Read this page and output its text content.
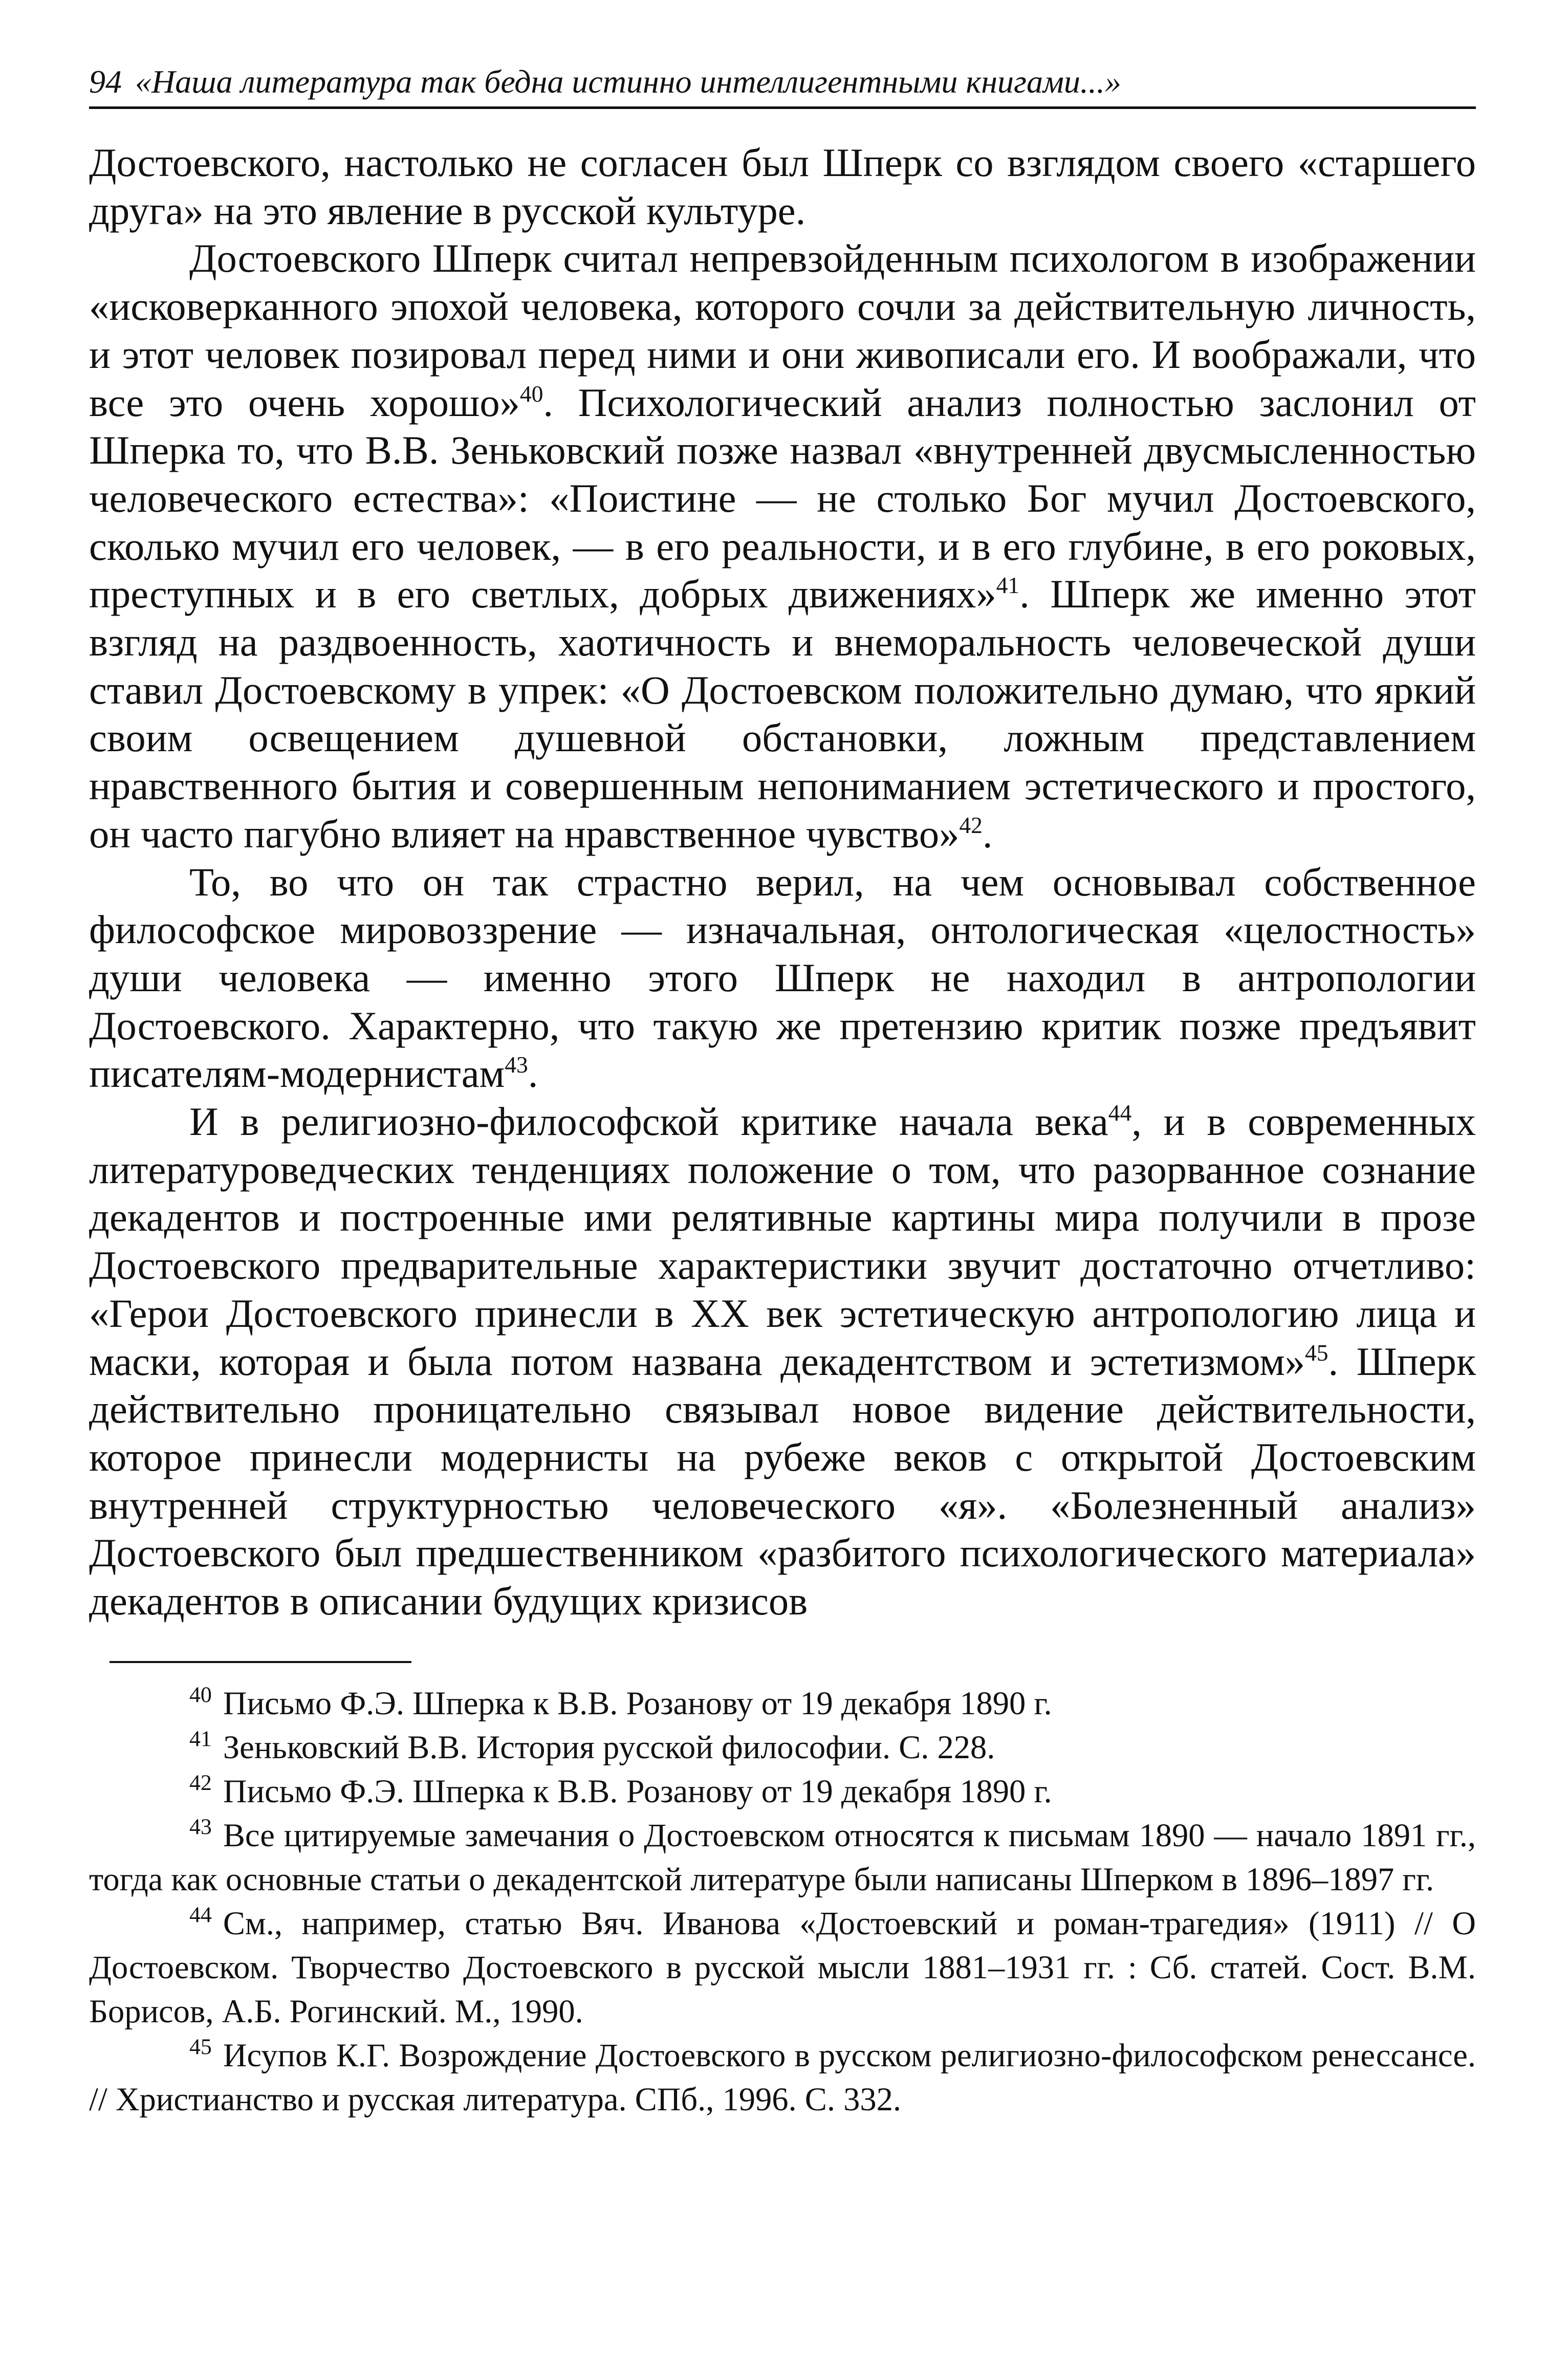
94 «Наша литература так бедна истинно интеллигентными книгами...»

Достоевского, настолько не согласен был Шперк со взглядом своего «старшего друга» на это явление в русской культуре.

Достоевского Шперк считал непревзойденным психологом в изображении «исковерканного эпохой человека, которого сочли за действительную личность, и этот человек позировал перед ними и они живописали его. И воображали, что все это очень хорошо»$^{40}$. Психологический анализ полностью заслонил от Шперка то, что В.В. Зеньковский позже назвал «внутренней двусмысленностью человеческого естества»: «Поистине — не столько Бог мучил Достоевского, сколько мучил его человек, — в его реальности, и в его глубине, в его роковых, преступных и в его светлых, добрых движениях»$^{41}$. Шперк же именно этот взгляд на раздвоенность, хаотичность и внеморальность человеческой души ставил Достоевскому в упрек: «О Достоевском положительно думаю, что яркий своим освещением душевной обстановки, ложным представлением нравственного бытия и совершенным непониманием эстетического и простого, он часто пагубно влияет на нравственное чувство»$^{42}$.

То, во что он так страстно верил, на чем основывал собственное философское мировоззрение — изначальная, онтологическая «целостность» души человека — именно этого Шперк не находил в антропологии Достоевского. Характерно, что такую же претензию критик позже предъявит писателям-модернистам$^{43}$.

И в религиозно-философской критике начала века$^{44}$, и в современных литературоведческих тенденциях положение о том, что разорванное сознание декадентов и построенные ими релятивные картины мира получили в прозе Достоевского предварительные характеристики звучит достаточно отчетливо: «Герои Достоевского принесли в XX век эстетическую антропологию лица и маски, которая и была потом названа декадентством и эстетизмом»$^{45}$. Шперк действительно проницательно связывал новое видение действительности, которое принесли модернисты на рубеже веков с открытой Достоевским внутренней структурностью человеческого «я». «Болезненный анализ» Достоевского был предшественником «разбитого психологического материала» декадентов в описании будущих кризисов

$^{40}$ Письмо Ф.Э. Шперка к В.В. Розанову от 19 декабря 1890 г.

$^{41}$ Зеньковский В.В. История русской философии. С. 228.

$^{42}$ Письмо Ф.Э. Шперка к В.В. Розанову от 19 декабря 1890 г.

$^{43}$ Все цитируемые замечания о Достоевском относятся к письмам 1890 — начало 1891 гг., тогда как основные статьи о декадентской литературе были написаны Шперком в 1896–1897 гг.

$^{44}$ См., например, статью Вяч. Иванова «Достоевский и роман-трагедия» (1911) // О Достоевском. Творчество Достоевского в русской мысли 1881–1931 гг. : Сб. статей. Сост. В.М. Борисов, А.Б. Рогинский. М., 1990.

$^{45}$ Исупов К.Г. Возрождение Достоевского в русском религиозно-философском ренессансе. // Христианство и русская литература. СПб., 1996. С. 332.
